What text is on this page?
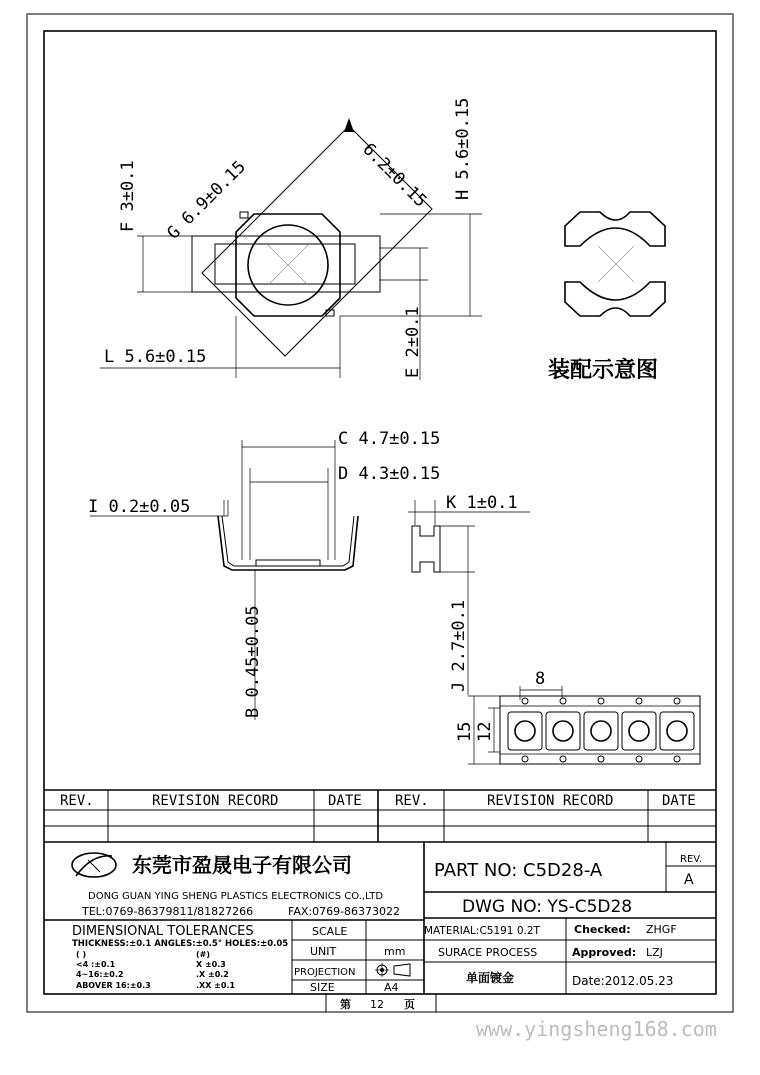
F 3±0.1 G 6.9±0.15	6.2±0.15 H 5.6±0.15
E 2±0.1
L 5.6±0.15
装配示意图
C 4.7±0.15
D 4.3±0.15
I 0.2±0.05
B 0.45±0.05
K 1±0.1
J 2.7±0.1	8
15 12
REV.	REVISION RECORD	DATE REV.	REVISION RECORD	DATE
东莞市盈晟电子有限公司
DONG GUAN YING SHENG PLASTICS ELECTRONICS CO.,LTD
TEL:0769-86379811/81827266	FAX:0769-86373022
DIMENSIONAL TOLERANCES
THICKNESS:±0.1 ANGLES:±0.5° HOLES:±0.05
( )
<4 :±0.1
4~16:±0.2
ABOVER 16:±0.3
(#)
X ±0.3
.X ±0.2
.XX ±0.1
SCALE
UNIT	mm
PROJECTION
SIZE	A4
PART NO: C5D28-A
REV.
A
DWG NO: YS-C5D28
MATERIAL:C5191 0.2T
SURACE PROCESS
单面镀金
Checked: ZHGF
Approved: LZJ
Date:2012.05.23
第 12 页
www.yingsheng168.com
